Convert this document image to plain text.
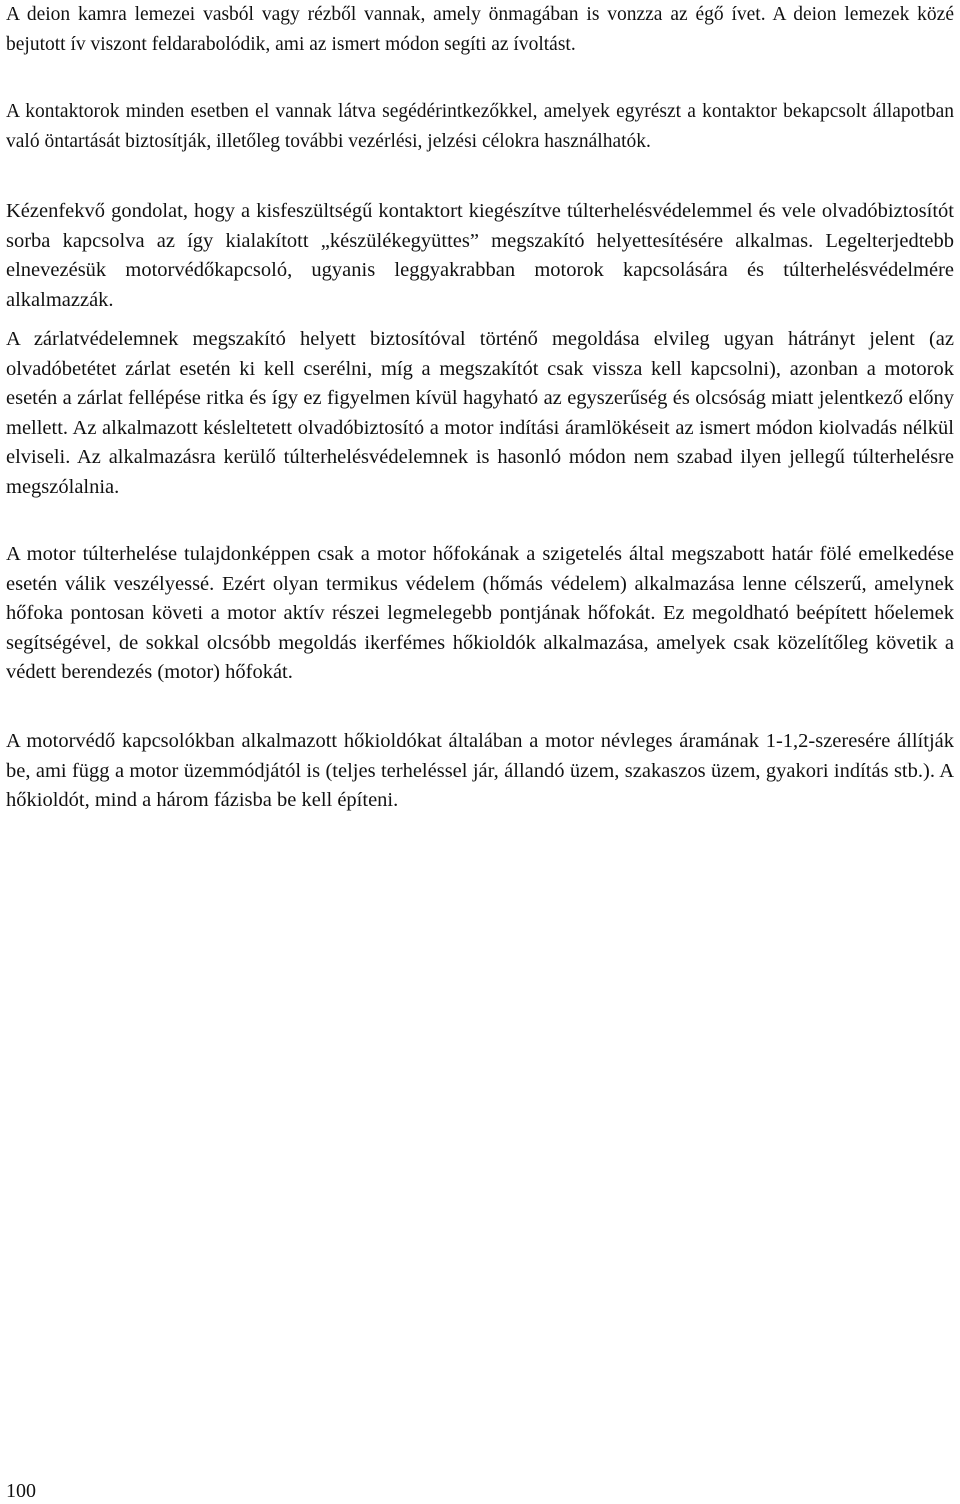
A deion kamra lemezei vasból vagy rézből vannak, amely önmagában is vonzza az égő ívet. A deion lemezek közé bejutott ív viszont feldarabolódik, ami az ismert módon segíti az ívoltást.

A kontaktorok minden esetben el vannak látva segédérintkezőkkel, amelyek egyrészt a kontaktor bekapcsolt állapotban való öntartását biztosítják, illetőleg további vezérlési, jelzési célokra használhatók.

Kézenfekvő gondolat, hogy a kisfeszültségű kontaktort kiegészítve túlterhelésvédelemmel és vele olvadóbiztosítót sorba kapcsolva az így kialakított „készülékegyüttes” megszakító helyettesítésére alkalmas. Legelterjedtebb elnevezésük motorvédőkapcsoló, ugyanis leggyakrabban motorok kapcsolására és túlterhelésvédelmére alkalmazzák.

A zárlatvédelemnek megszakító helyett biztosítóval történő megoldása elvileg ugyan hátrányt jelent (az olvadóbetétet zárlat esetén ki kell cserélni, míg a megszakítót csak vissza kell kapcsolni), azonban a motorok esetén a zárlat fellépése ritka és így ez figyelmen kívül hagyható az egyszerűség és olcsóság miatt jelentkező előny mellett. Az alkalmazott késleltetett olvadóbiztosító a motor indítási áramlökéseit az ismert módon kiolvadás nélkül elviseli. Az alkalmazásra kerülő túlterhelésvédelemnek is hasonló módon nem szabad ilyen jellegű túlterhelésre megszólalnia.

A motor túlterhelése tulajdonképpen csak a motor hőfokának a szigetelés által megszabott határ fölé emelkedése esetén válik veszélyessé. Ezért olyan termikus védelem (hőmás védelem) alkalmazása lenne célszerű, amelynek hőfoka pontosan követi a motor aktív részei legmelegebb pontjának hőfokát. Ez megoldható beépített hőelemek segítségével, de sokkal olcsóbb megoldás ikerfémes hőkioldók alkalmazása, amelyek csak közelítőleg követik a védett berendezés (motor) hőfokát.

A motorvédő kapcsolókban alkalmazott hőkioldókat általában a motor névleges áramának 1-1,2-szeresére állítják be, ami függ a motor üzemmódjától is (teljes terheléssel jár, állandó üzem, szakaszos üzem, gyakori indítás stb.). A hőkioldót, mind a három fázisba be kell építeni.

100
